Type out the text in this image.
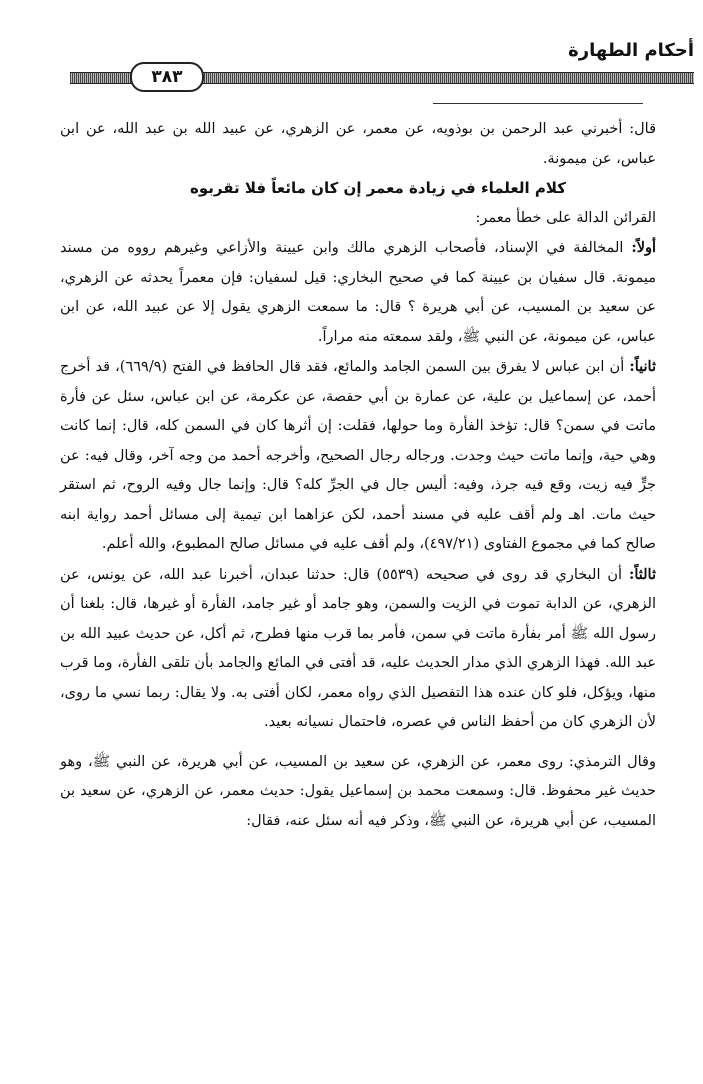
أحكام الطهارة
٣٨٣

قال: أخبرني عبد الرحمن بن بوذويه، عن معمر، عن الزهري، عن عبيد الله بن عبد الله، عن ابن عباس، عن ميمونة.

كلام العلماء في زيادة معمر إن كان مائعاً فلا تقربوه

القرائن الدالة على خطأ معمر:

أولاً: المخالفة في الإسناد، فأصحاب الزهري مالك وابن عيينة والأزاعي وغيرهم رووه من مسند ميمونة. قال سفيان بن عيينة كما في صحيح البخاري: قيل لسفيان: فإن معمراً يحدثه عن الزهري، عن سعيد بن المسيب، عن أبي هريرة ؟ قال: ما سمعت الزهري يقول إلا عن عبيد الله، عن ابن عباس، عن ميمونة، عن النبي ﷺ، ولقد سمعته منه مراراً.

ثانياً: أن ابن عباس لا يفرق بين السمن الجامد والمائع، فقد قال الحافظ في الفتح (٦٦٩/٩)، قد أخرج أحمد، عن إسماعيل بن علية، عن عمارة بن أبي حفصة، عن عكرمة، عن ابن عباس، سئل عن فأرة ماتت في سمن؟ قال: تؤخذ الفأرة وما حولها، فقلت: إن أثرها كان في السمن كله، قال: إنما كانت وهي حية، وإنما ماتت حيث وجدت. ورجاله رجال الصحيح، وأخرجه أحمد من وجه آخر، وقال فيه: عن جرٍّ فيه زيت، وقع فيه جرذ، وفيه: أليس جال في الجرِّ كله؟ قال: وإنما جال وفيه الروح، ثم استقر حيث مات. اهـ ولم أقف عليه في مسند أحمد، لكن عزاهما ابن تيمية إلى مسائل أحمد رواية ابنه صالح كما في مجموع الفتاوى (٤٩٧/٢١)، ولم أقف عليه في مسائل صالح المطبوع، والله أعلم.

ثالثاً: أن البخاري قد روى في صحيحه (٥٥٣٩) قال: حدثنا عبدان، أخبرنا عبد الله، عن يونس، عن الزهري، عن الدابة تموت في الزيت والسمن، وهو جامد أو غير جامد، الفأرة أو غيرها، قال: بلغنا أن رسول الله ﷺ أمر بفأرة ماتت في سمن، فأمر بما قرب منها فطرح، ثم أكل، عن حديث عبيد الله بن عبد الله. فهذا الزهري الذي مدار الحديث عليه، قد أفتى في المائع والجامد بأن تلقى الفأرة، وما قرب منها، ويؤكل، فلو كان عنده هذا التفصيل الذي رواه معمر، لكان أفتى به. ولا يقال: ربما نسي ما روى، لأن الزهري كان من أحفظ الناس في عصره، فاحتمال نسيانه بعيد.

وقال الترمذي: روى معمر، عن الزهري، عن سعيد بن المسيب، عن أبي هريرة، عن النبي ﷺ، وهو حديث غير محفوظ. قال: وسمعت محمد بن إسماعيل يقول: حديث معمر، عن الزهري، عن سعيد بن المسيب، عن أبي هريرة، عن النبي ﷺ، وذكر فيه أنه سئل عنه، فقال:
